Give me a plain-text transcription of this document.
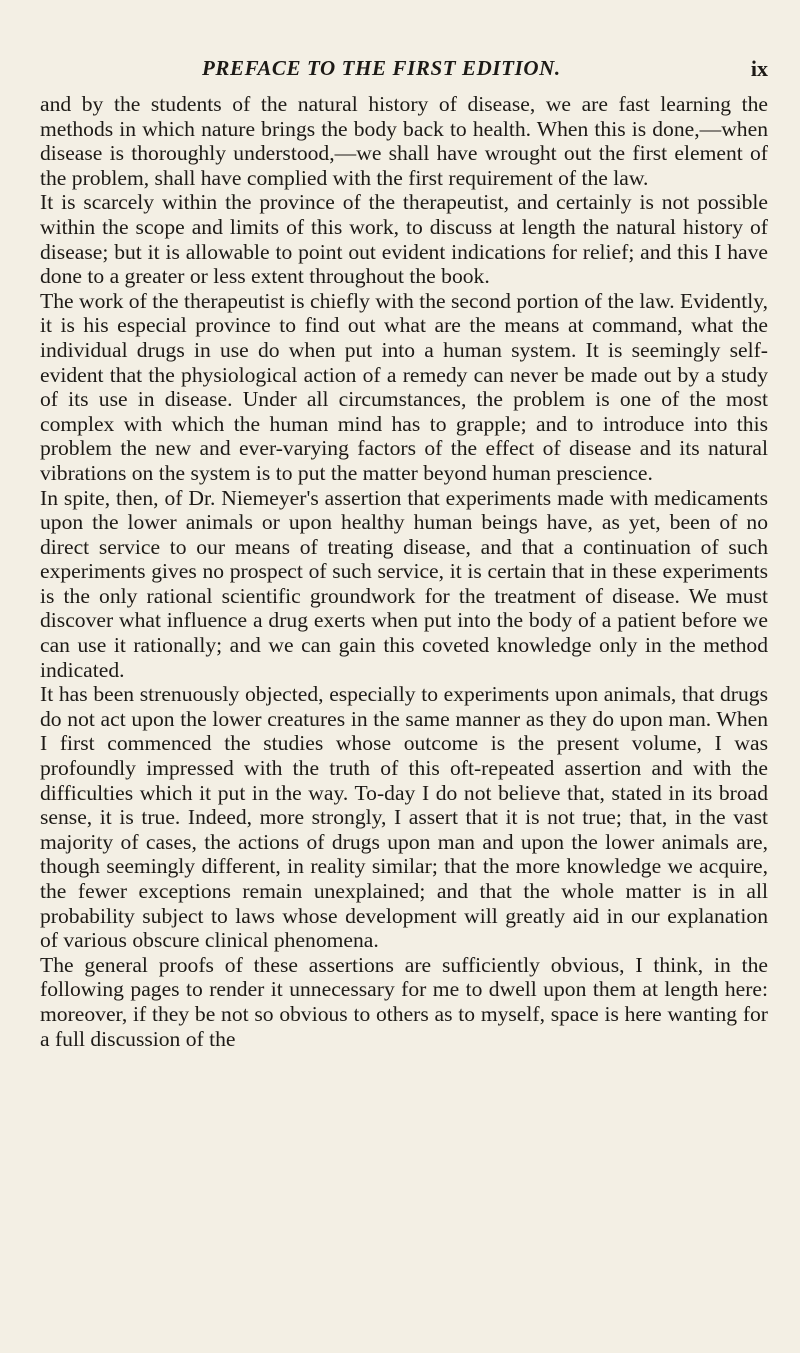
PREFACE TO THE FIRST EDITION.	ix

and by the students of the natural history of disease, we are fast learning the methods in which nature brings the body back to health. When this is done,—when disease is thoroughly understood,—we shall have wrought out the first element of the problem, shall have complied with the first requirement of the law.

It is scarcely within the province of the therapeutist, and certainly is not possible within the scope and limits of this work, to discuss at length the natural history of disease; but it is allowable to point out evident indications for relief; and this I have done to a greater or less extent throughout the book.

The work of the therapeutist is chiefly with the second portion of the law. Evidently, it is his especial province to find out what are the means at command, what the individual drugs in use do when put into a human system. It is seemingly self-evident that the physiological action of a remedy can never be made out by a study of its use in disease. Under all circumstances, the problem is one of the most complex with which the human mind has to grapple; and to introduce into this problem the new and ever-varying factors of the effect of disease and its natural vibrations on the system is to put the matter beyond human prescience.

In spite, then, of Dr. Niemeyer's assertion that experiments made with medicaments upon the lower animals or upon healthy human beings have, as yet, been of no direct service to our means of treating disease, and that a continuation of such experiments gives no prospect of such service, it is certain that in these experiments is the only rational scientific groundwork for the treatment of disease. We must discover what influence a drug exerts when put into the body of a patient before we can use it rationally; and we can gain this coveted knowledge only in the method indicated.

It has been strenuously objected, especially to experiments upon animals, that drugs do not act upon the lower creatures in the same manner as they do upon man. When I first commenced the studies whose outcome is the present volume, I was profoundly impressed with the truth of this oft-repeated assertion and with the difficulties which it put in the way. To-day I do not believe that, stated in its broad sense, it is true. Indeed, more strongly, I assert that it is not true; that, in the vast majority of cases, the actions of drugs upon man and upon the lower animals are, though seemingly different, in reality similar; that the more knowledge we acquire, the fewer exceptions remain unexplained; and that the whole matter is in all probability subject to laws whose development will greatly aid in our explanation of various obscure clinical phenomena.

The general proofs of these assertions are sufficiently obvious, I think, in the following pages to render it unnecessary for me to dwell upon them at length here: moreover, if they be not so obvious to others as to myself, space is here wanting for a full discussion of the
